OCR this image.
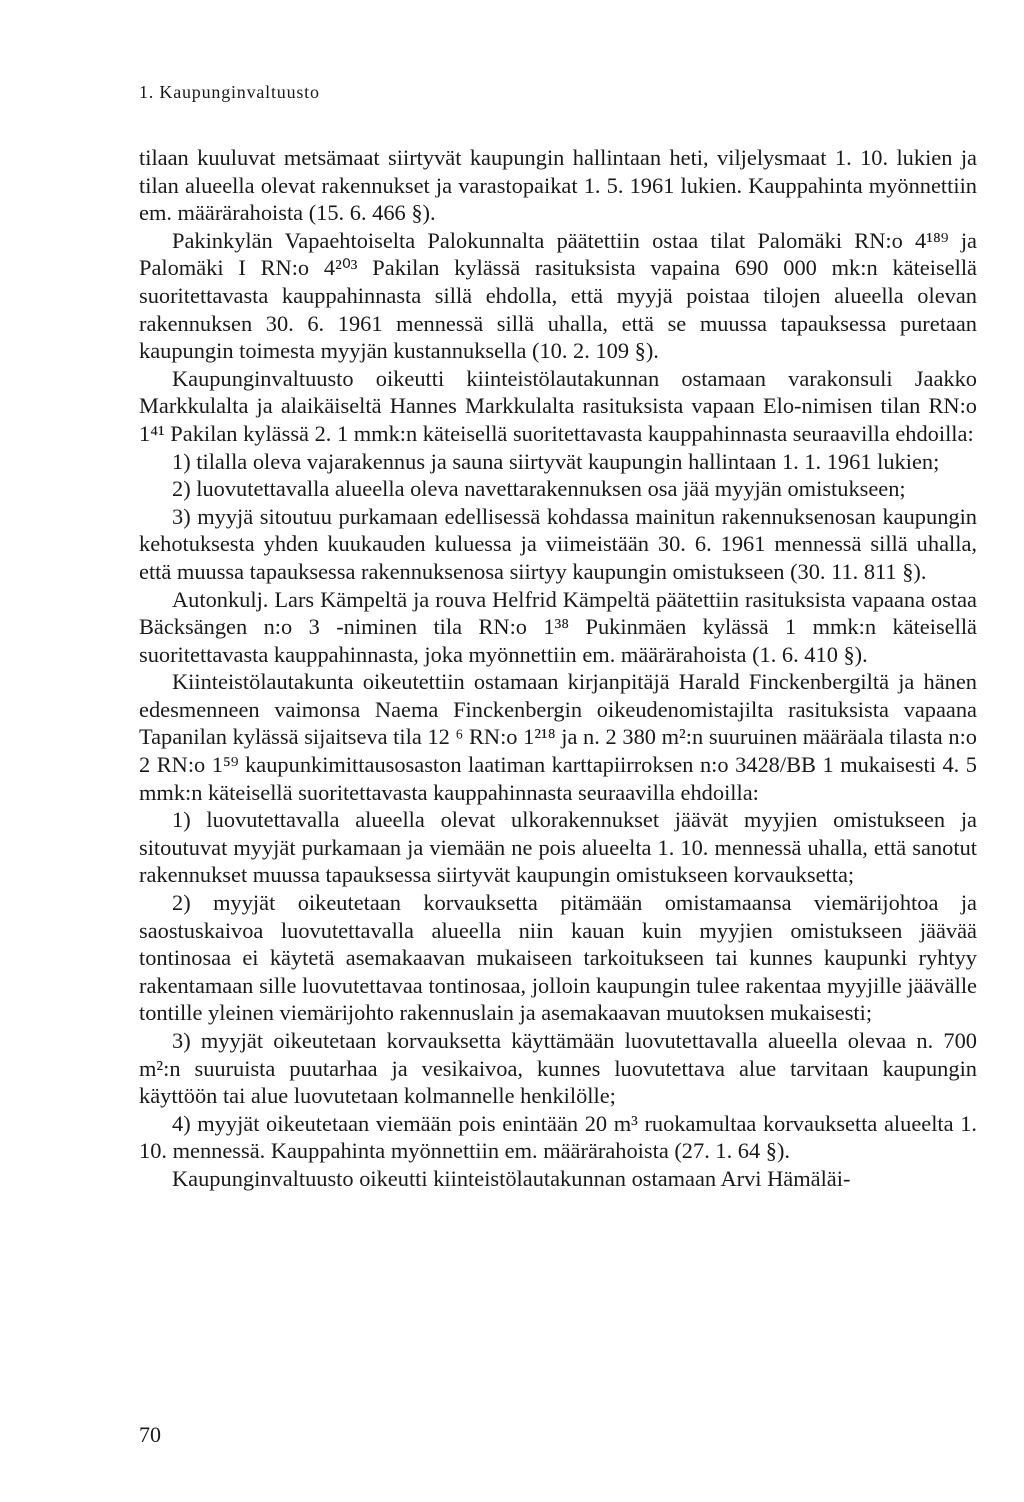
1. Kaupunginvaltuusto

tilaan kuuluvat metsämaat siirtyvät kaupungin hallintaan heti, viljelysmaat 1. 10. lukien ja tilan alueella olevat rakennukset ja varastopaikat 1. 5. 1961 lukien. Kauppahinta myönnettiin em. määrärahoista (15. 6. 466 §).

Pakinkylän Vapaehtoiselta Palokunnalta päätettiin ostaa tilat Palomäki RN:o 4¹⁸⁹ ja Palomäki I RN:o 4²⁰³ Pakilan kylässä rasituksista vapaina 690 000 mk:n käteisellä suoritettavasta kauppahinnasta sillä ehdolla, että myyjä poistaa tilojen alueella olevan rakennuksen 30. 6. 1961 mennessä sillä uhalla, että se muussa tapauksessa puretaan kaupungin toimesta myyjän kustannuksella (10. 2. 109 §).

Kaupunginvaltuusto oikeutti kiinteistölautakunnan ostamaan varakonsuli Jaakko Markkulalta ja alaikäiseltä Hannes Markkulalta rasituksista vapaan Elo-nimisen tilan RN:o 1⁴¹ Pakilan kylässä 2. 1 mmk:n käteisellä suoritettavasta kauppahinnasta seuraavilla ehdoilla:

1) tilalla oleva vajarakennus ja sauna siirtyvät kaupungin hallintaan 1. 1. 1961 lukien;

2) luovutettavalla alueella oleva navettarakennuksen osa jää myyjän omistukseen;

3) myyjä sitoutuu purkamaan edellisessä kohdassa mainitun rakennuksenosan kaupungin kehotuksesta yhden kuukauden kuluessa ja viimeistään 30. 6. 1961 mennessä sillä uhalla, että muussa tapauksessa rakennuksenosa siirtyy kaupungin omistukseen (30. 11. 811 §).

Autonkulj. Lars Kämpeltä ja rouva Helfrid Kämpeltä päätettiin rasituksista vapaana ostaa Bäcksängen n:o 3 -niminen tila RN:o 1³⁸ Pukinmäen kylässä 1 mmk:n käteisellä suoritettavasta kauppahinnasta, joka myönnettiin em. määrärahoista (1. 6. 410 §).

Kiinteistölautakunta oikeutettiin ostamaan kirjanpitäjä Harald Finckenbergiltä ja hänen edesmenneen vaimonsa Naema Finckenbergin oikeudenomistajilta rasituksista vapaana Tapanilan kylässä sijaitseva tila 12 ⁶ RN:o 1²¹⁸ ja n. 2 380 m²:n suuruinen määräala tilasta n:o 2 RN:o 1⁵⁹ kaupunkimittausosaston laatiman karttapiirroksen n:o 3428/BB 1 mukaisesti 4. 5 mmk:n käteisellä suoritettavasta kauppahinnasta seuraavilla ehdoilla:

1) luovutettavalla alueella olevat ulkorakennukset jäävät myyjien omistukseen ja sitoutuvat myyjät purkamaan ja viemään ne pois alueelta 1. 10. mennessä uhalla, että sanotut rakennukset muussa tapauksessa siirtyvät kaupungin omistukseen korvauksetta;

2) myyjät oikeutetaan korvauksetta pitämään omistamaansa viemärijohtoa ja saostuskaivoa luovutettavalla alueella niin kauan kuin myyjien omistukseen jäävää tontinosaa ei käytetä asemakaavan mukaiseen tarkoitukseen tai kunnes kaupunki ryhtyy rakentamaan sille luovutettavaa tontinosaa, jolloin kaupungin tulee rakentaa myyjille jäävälle tontille yleinen viemärijohto rakennuslain ja asemakaavan muutoksen mukaisesti;

3) myyjät oikeutetaan korvauksetta käyttämään luovutettavalla alueella olevaa n. 700 m²:n suuruista puutarhaa ja vesikaivoa, kunnes luovutettava alue tarvitaan kaupungin käyttöön tai alue luovutetaan kolmannelle henkilölle;

4) myyjät oikeutetaan viemään pois enintään 20 m³ ruokamultaa korvauksetta alueelta 1. 10. mennessä. Kauppahinta myönnettiin em. määrärahoista (27. 1. 64 §).

Kaupunginvaltuusto oikeutti kiinteistölautakunnan ostamaan Arvi Hämäläi-

70
